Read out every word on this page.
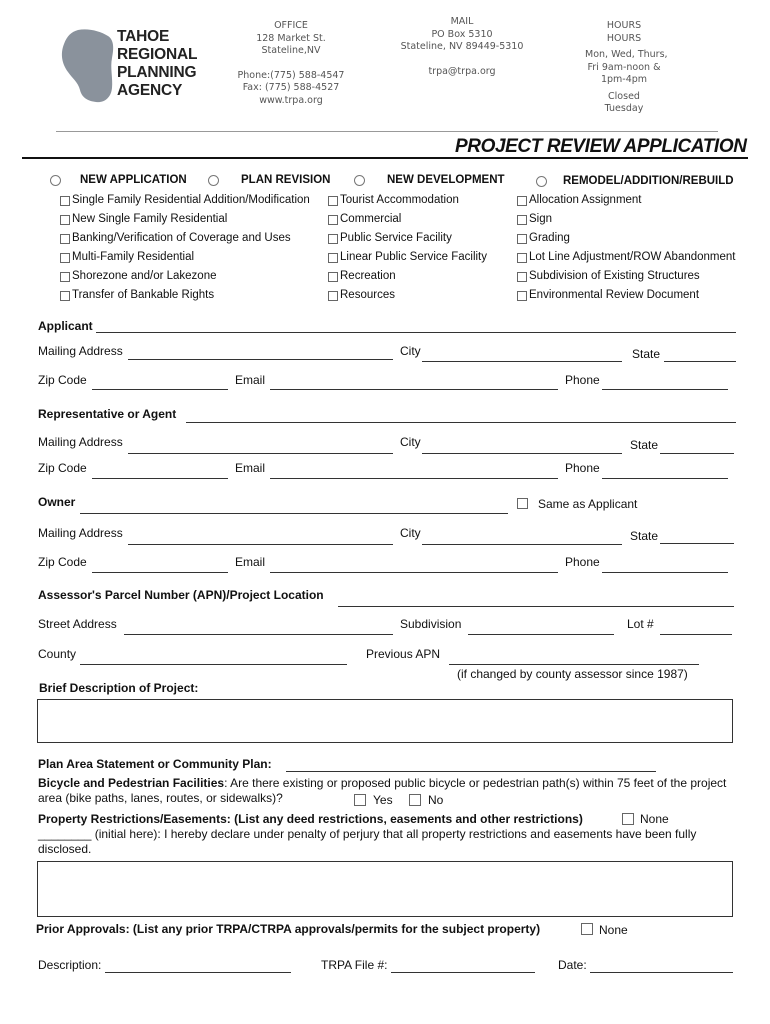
TAHOE
REGIONAL
PLANNING
AGENCY
OFFICE
128 Market St.
Stateline,NV
Phone:(775) 588-4547
Fax: (775) 588-4527
www.trpa.org
MAIL
PO Box 5310
Stateline, NV 89449-5310
trpa@trpa.org
HOURS
HOURS
Mon, Wed, Thurs,
Fri 9am-noon &
1pm-4pm
Closed
Tuesday
PROJECT REVIEW APPLICATION
NEW APPLICATION	PLAN REVISION	NEW DEVELOPMENT	REMODEL/ADDITION/REBUILD
Single Family Residential Addition/Modification
New Single Family Residential
Banking/Verification of Coverage and Uses
Multi-Family Residential
Shorezone and/or Lakezone
Transfer of Bankable Rights
Tourist Accommodation
Commercial
Public Service Facility
Linear Public Service Facility
Recreation
Resources
Allocation Assignment
Sign
Grading
Lot Line Adjustment/ROW Abandonment
Subdivision of Existing Structures
Environmental Review Document
Applicant
Mailing Address	City	State
Zip Code	Email	Phone
Representative or Agent
Mailing Address	City	State
Zip Code	Email	Phone
Owner	Same as Applicant
Mailing Address	City	State
Zip Code	Email	Phone
Assessor's Parcel Number (APN)/Project Location
Street Address	Subdivision	Lot #
County	Previous APN
(if changed by county assessor since 1987)
Brief Description of Project:
Plan Area Statement or Community Plan:
Bicycle and Pedestrian Facilities: Are there existing or proposed public bicycle or pedestrian path(s) within 75 feet of the project area (bike paths, lanes, routes, or sidewalks)?	Yes	No
Property Restrictions/Easements: (List any deed restrictions, easements and other restrictions)	None
________ (initial here): I hereby declare under penalty of perjury that all property restrictions and easements have been fully disclosed.
Prior Approvals: (List any prior TRPA/CTRPA approvals/permits for the subject property)	None
Description:	TRPA File #:	Date:
